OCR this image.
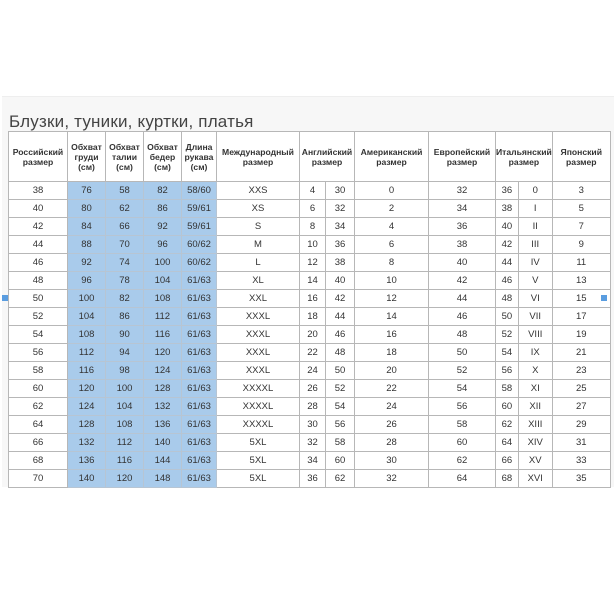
Блузки, туники, куртки, платья
Российский размер	Обхват груди (см)	Обхват талии (см)	Обхват бедер (см)	Длина рукава (см)	Международный размер	Английский размер		Американский размер	Европейский размер	Итальянский размер		Японский размер
38	76	58	82	58/60	XXS	4	30	0	32	36	0	3
40	80	62	86	59/61	XS	6	32	2	34	38	I	5
42	84	66	92	59/61	S	8	34	4	36	40	II	7
44	88	70	96	60/62	M	10	36	6	38	42	III	9
46	92	74	100	60/62	L	12	38	8	40	44	IV	11
48	96	78	104	61/63	XL	14	40	10	42	46	V	13
50	100	82	108	61/63	XXL	16	42	12	44	48	VI	15
52	104	86	112	61/63	XXXL	18	44	14	46	50	VII	17
54	108	90	116	61/63	XXXL	20	46	16	48	52	VIII	19
56	112	94	120	61/63	XXXL	22	48	18	50	54	IX	21
58	116	98	124	61/63	XXXL	24	50	20	52	56	X	23
60	120	100	128	61/63	XXXXL	26	52	22	54	58	XI	25
62	124	104	132	61/63	XXXXL	28	54	24	56	60	XII	27
64	128	108	136	61/63	XXXXL	30	56	26	58	62	XIII	29
66	132	112	140	61/63	5XL	32	58	28	60	64	XIV	31
68	136	116	144	61/63	5XL	34	60	30	62	66	XV	33
70	140	120	148	61/63	5XL	36	62	32	64	68	XVI	35
